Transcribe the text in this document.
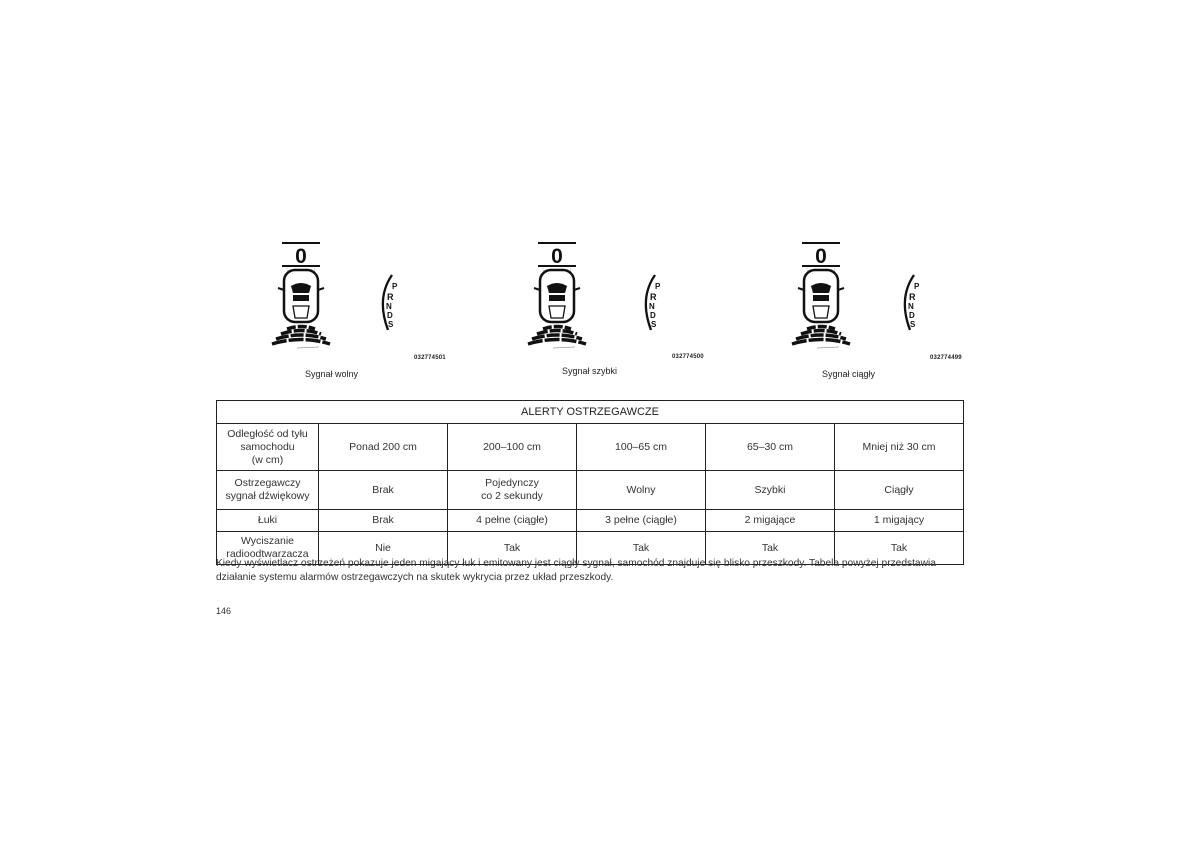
0
P
R
N
D
S
032774501
Sygnał wolny
0
P
R
N
D
S
032774500
Sygnał szybki
0
P
R
N
D
S
032774499
Sygnał ciągły
ALERTY OSTRZEGAWCZE					
Odległość od tyłu
samochodu
(w cm)	Ponad 200 cm	200–100 cm	100–65 cm	65–30 cm	Mniej niż 30 cm
Ostrzegawczy
sygnał dźwiękowy	Brak	Pojedynczy
co 2 sekundy	Wolny	Szybki	Ciągły
Łuki	Brak	4 pełne (ciągłe)	3 pełne (ciągłe)	2 migające	1 migający
Wyciszanie
radioodtwarzacza	Nie	Tak	Tak	Tak	Tak

Kiedy wyświetlacz ostrzeżeń pokazuje jeden migający łuk i emitowany jest ciągły sygnał, samochód znajduje się blisko przeszkody. Tabela powyżej przedstawia działanie systemu alarmów ostrzegawczych na skutek wykrycia przez układ przeszkody.

146
